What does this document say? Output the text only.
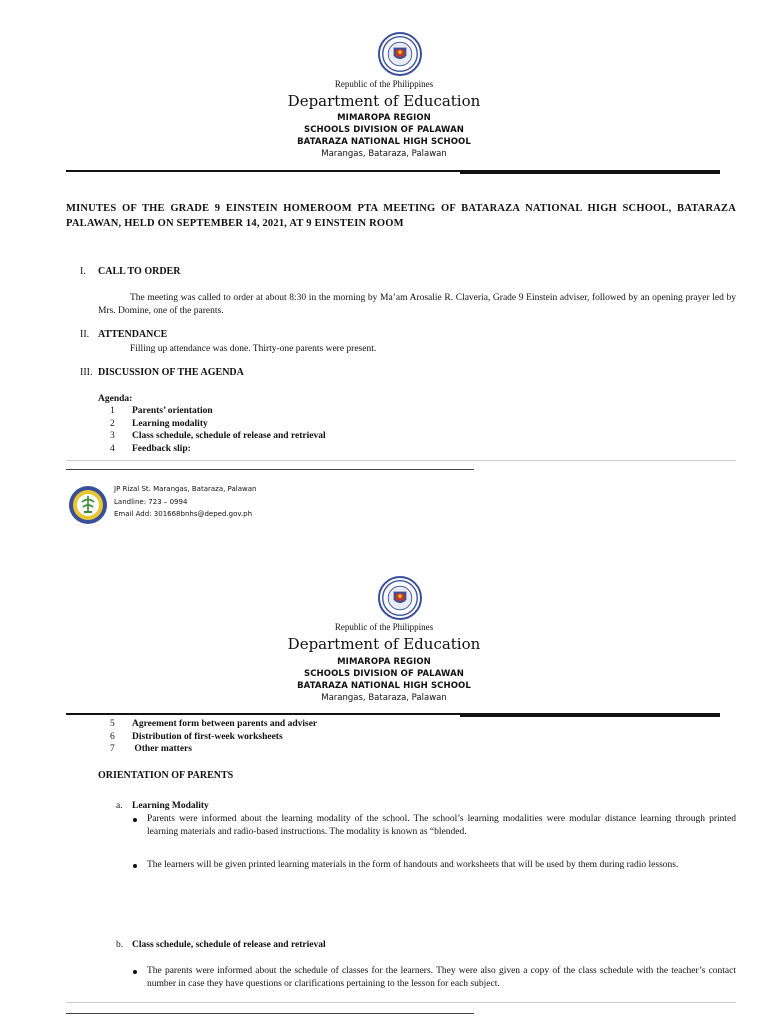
Republic of the Philippines
Department of Education
MIMAROPA REGION
SCHOOLS DIVISION OF PALAWAN
BATARAZA NATIONAL HIGH SCHOOL
Marangas, Bataraza, Palawan
MINUTES OF THE GRADE 9 EINSTEIN HOMEROOM PTA MEETING OF BATARAZA NATIONAL HIGH SCHOOL, BATARAZA PALAWAN, HELD ON SEPTEMBER 14, 2021, AT 9 EINSTEIN ROOM
I. CALL TO ORDER
The meeting was called to order at about 8:30 in the morning by Ma’am Arosalie R. Claveria, Grade 9 Einstein adviser, followed by an opening prayer led by Mrs. Domine, one of the parents.
II. ATTENDANCE
Filling up attendance was done. Thirty-one parents were present.
III. DISCUSSION OF THE AGENDA
Agenda:
1 Parents’ orientation
2 Learning modality
3 Class schedule, schedule of release and retrieval
4 Feedback slip:
JP Rizal St. Marangas, Bataraza, Palawan
Landline: 723 – 0994
Email Add: 301668bnhs@deped.gov.ph
Republic of the Philippines
Department of Education
MIMAROPA REGION
SCHOOLS DIVISION OF PALAWAN
BATARAZA NATIONAL HIGH SCHOOL
Marangas, Bataraza, Palawan
5 Agreement form between parents and adviser
6 Distribution of first-week worksheets
7 Other matters
ORIENTATION OF PARENTS
a. Learning Modality
Parents were informed about the learning modality of the school. The school’s learning modalities were modular distance learning through printed learning materials and radio-based instructions. The modality is known as “blended.
The learners will be given printed learning materials in the form of handouts and worksheets that will be used by them during radio lessons.
b. Class schedule, schedule of release and retrieval
The parents were informed about the schedule of classes for the learners. They were also given a copy of the class schedule with the teacher’s contact number in case they have questions or clarifications pertaining to the lesson for each subject.
